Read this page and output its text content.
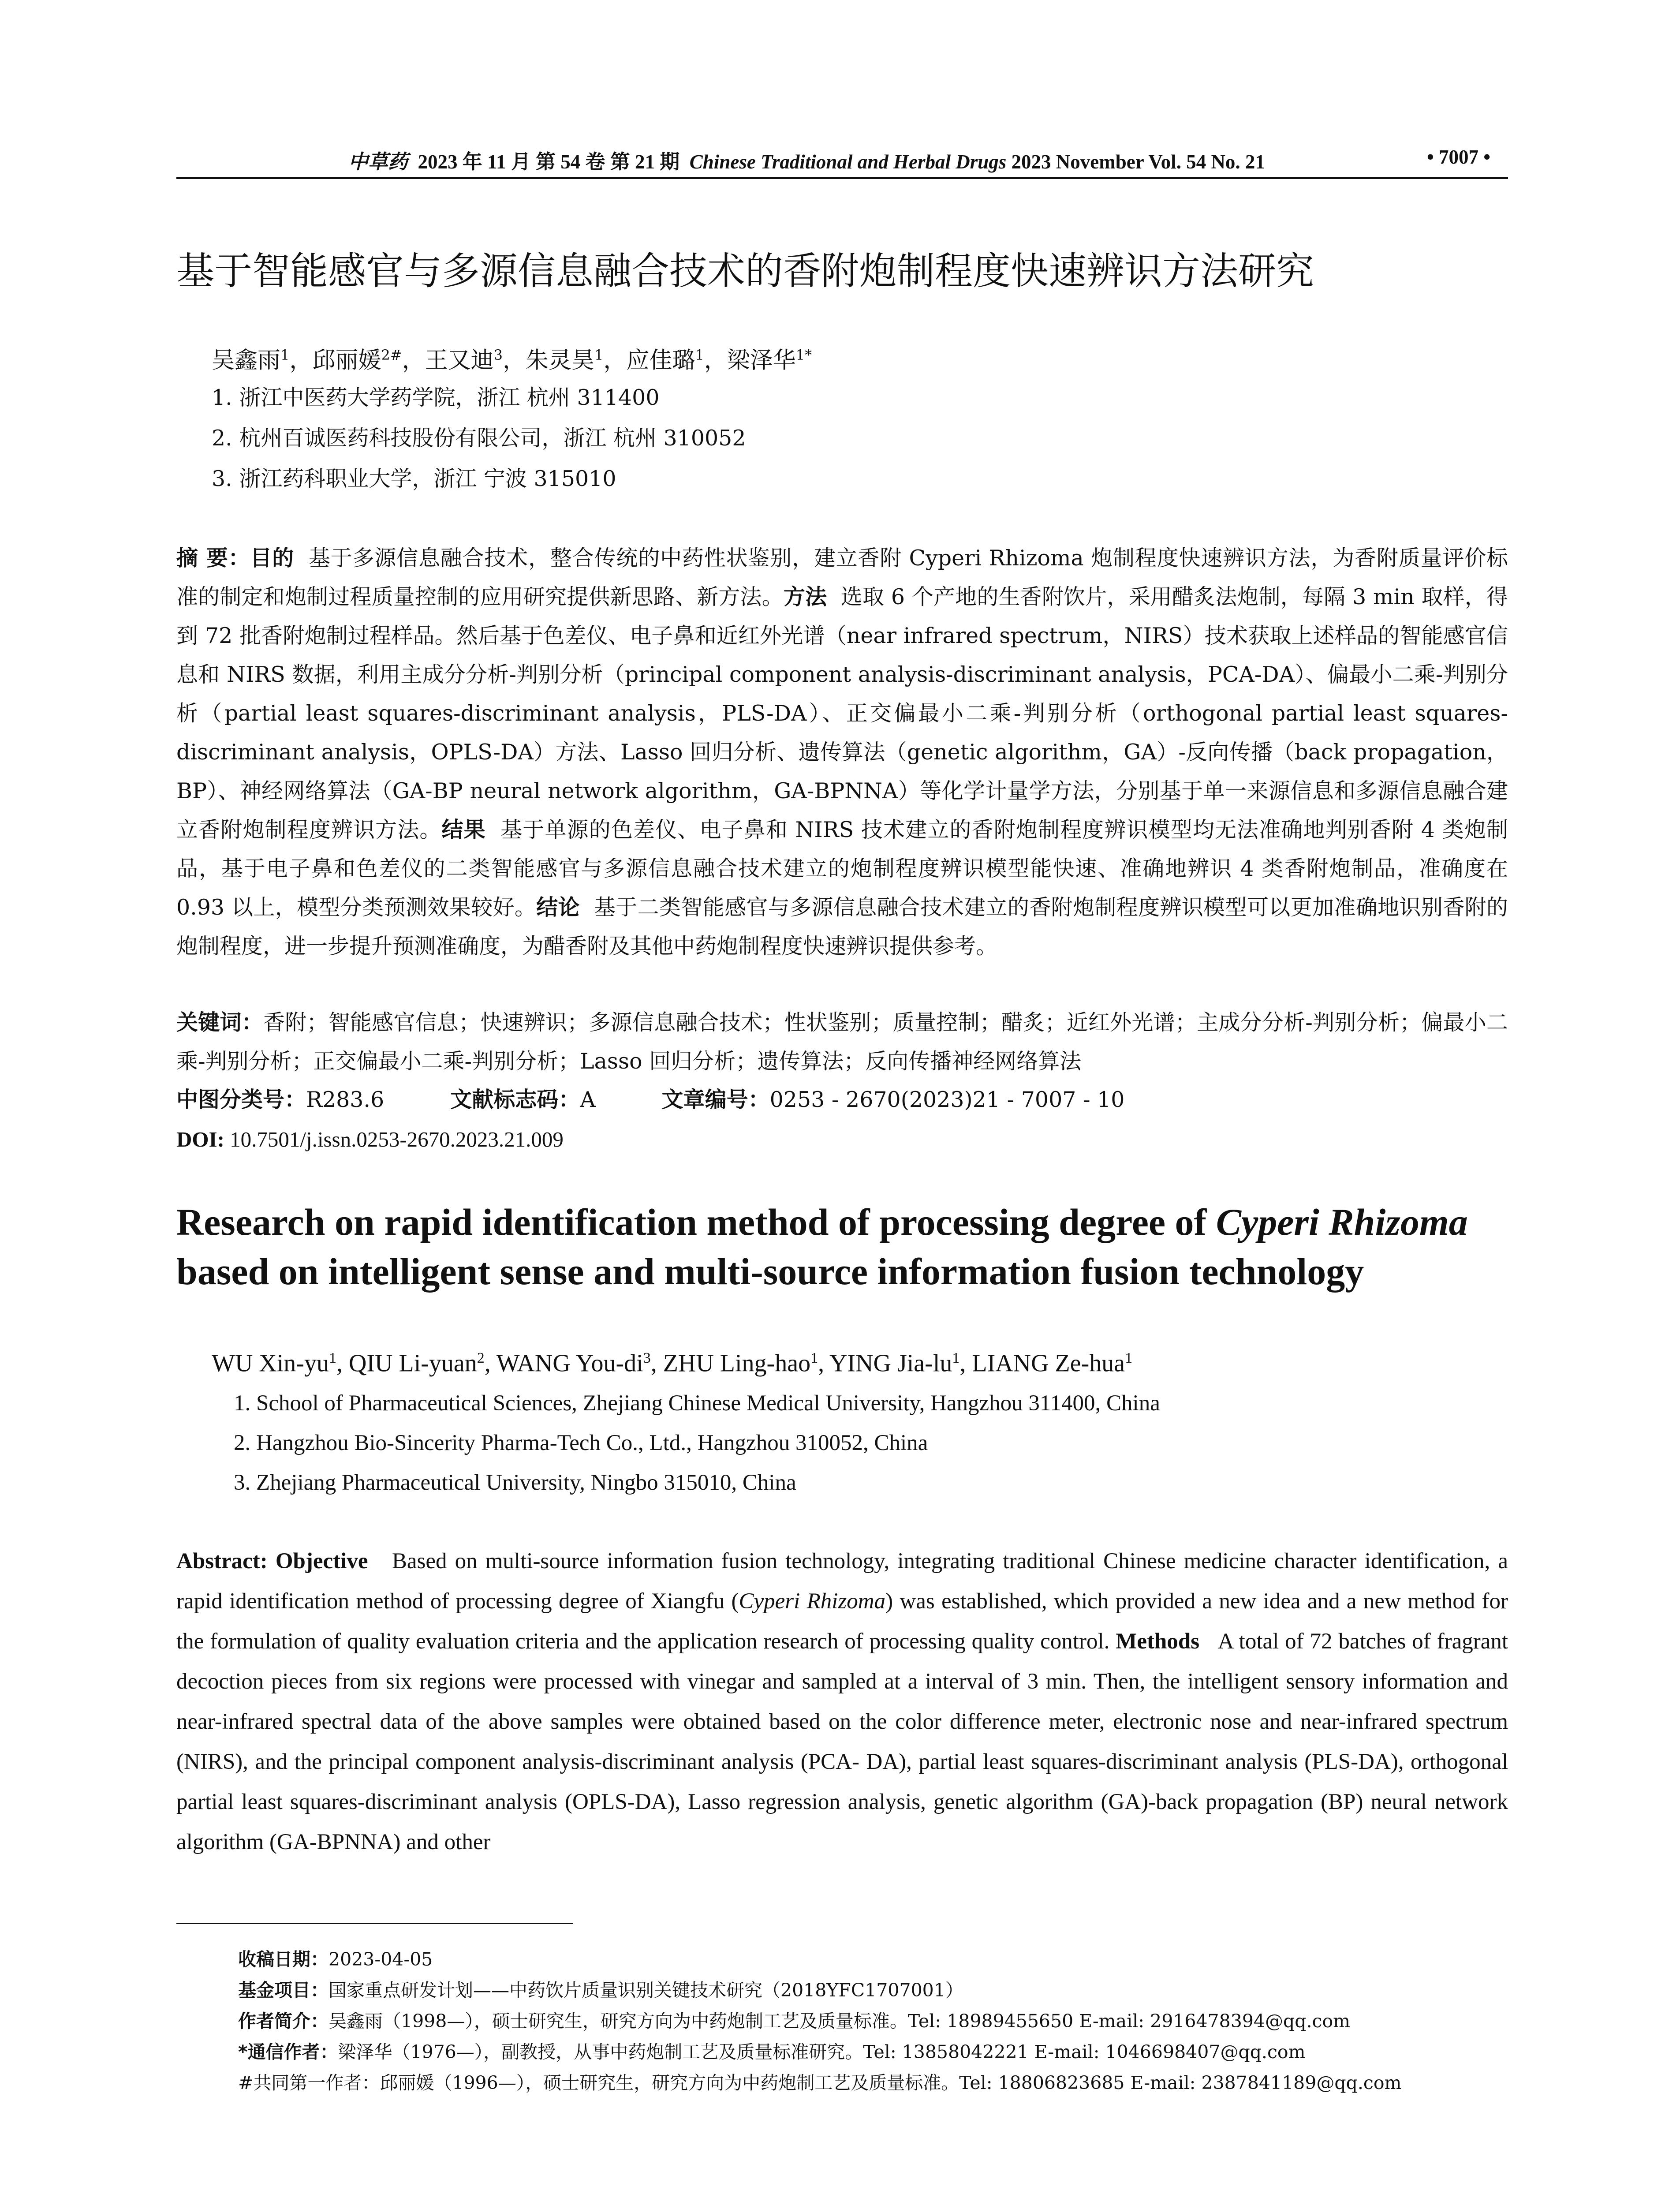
中草药 2023 年 11 月 第 54 卷 第 21 期 Chinese Traditional and Herbal Drugs 2023 November Vol. 54 No. 21	• 7007 •
基于智能感官与多源信息融合技术的香附炮制程度快速辨识方法研究
吴鑫雨$^1$，邱丽媛$^{2\#}$，王又迪$^3$，朱灵昊$^1$，应佳璐$^1$，梁泽华$^{1*}$
1. 浙江中医药大学药学院，浙江 杭州 311400
2. 杭州百诚医药科技股份有限公司，浙江 杭州 310052
3. 浙江药科职业大学，浙江 宁波 315010
摘 要：目的 基于多源信息融合技术，整合传统的中药性状鉴别，建立香附 Cyperi Rhizoma 炮制程度快速辨识方法，为香附质量评价标准的制定和炮制过程质量控制的应用研究提供新思路、新方法。方法 选取 6 个产地的生香附饮片，采用醋炙法炮制，每隔 3 min 取样，得到 72 批香附炮制过程样品。然后基于色差仪、电子鼻和近红外光谱（near infrared spectrum，NIRS）技术获取上述样品的智能感官信息和 NIRS 数据，利用主成分分析-判别分析（principal component analysis-discriminant analysis，PCA-DA）、偏最小二乘-判别分析（partial least squares-discriminant analysis，PLS-DA）、正交偏最小二乘-判别分析（orthogonal partial least squares-discriminant analysis，OPLS-DA）方法、Lasso 回归分析、遗传算法（genetic algorithm，GA）-反向传播（back propagation，BP）、神经网络算法（GA-BP neural network algorithm，GA-BPNNA）等化学计量学方法，分别基于单一来源信息和多源信息融合建立香附炮制程度辨识方法。结果 基于单源的色差仪、电子鼻和 NIRS 技术建立的香附炮制程度辨识模型均无法准确地判别香附 4 类炮制品，基于电子鼻和色差仪的二类智能感官与多源信息融合技术建立的炮制程度辨识模型能快速、准确地辨识 4 类香附炮制品，准确度在 0.93 以上，模型分类预测效果较好。结论 基于二类智能感官与多源信息融合技术建立的香附炮制程度辨识模型可以更加准确地识别香附的炮制程度，进一步提升预测准确度，为醋香附及其他中药炮制程度快速辨识提供参考。
关键词：香附；智能感官信息；快速辨识；多源信息融合技术；性状鉴别；质量控制；醋炙；近红外光谱；主成分分析-判别分析；偏最小二乘-判别分析；正交偏最小二乘-判别分析；Lasso 回归分析；遗传算法；反向传播神经网络算法
中图分类号：R283.6	文献标志码：A	文章编号：0253 - 2670(2023)21 - 7007 - 10
DOI: 10.7501/j.issn.0253-2670.2023.21.009
Research on rapid identification method of processing degree of Cyperi Rhizoma based on intelligent sense and multi-source information fusion technology
WU Xin-$yu^1$, QIU Li-yuan$^2$, WANG You-$di^3$, ZHU Ling-hao$^1$, YING Jia-$lu^1$, LIANG Ze-hua$^1$
1. School of Pharmaceutical Sciences, Zhejiang Chinese Medical University, Hangzhou 311400, China
2. Hangzhou Bio-Sincerity Pharma-Tech Co., Ltd., Hangzhou 310052, China
3. Zhejiang Pharmaceutical University, Ningbo 315010, China
Abstract: Objective Based on multi-source information fusion technology, integrating traditional Chinese medicine character identification, a rapid identification method of processing degree of Xiangfu (Cyperi Rhizoma) was established, which provided a new idea and a new method for the formulation of quality evaluation criteria and the application research of processing quality control. Methods A total of 72 batches of fragrant decoction pieces from six regions were processed with vinegar and sampled at a interval of 3 min. Then, the intelligent sensory information and near-infrared spectral data of the above samples were obtained based on the color difference meter, electronic nose and near-infrared spectrum (NIRS), and the principal component analysis-discriminant analysis (PCA- DA), partial least squares-discriminant analysis (PLS-DA), orthogonal partial least squares-discriminant analysis (OPLS-DA), Lasso regression analysis, genetic algorithm (GA)-back propagation (BP) neural network algorithm (GA-BPNNA) and other
收稿日期：2023-04-05
基金项目：国家重点研发计划——中药饮片质量识别关键技术研究（2018YFC1707001）
作者简介：吴鑫雨（1998—），硕士研究生，研究方向为中药炮制工艺及质量标准。Tel: 18989455650 E-mail: 2916478394@qq.com
*通信作者：梁泽华（1976—），副教授，从事中药炮制工艺及质量标准研究。Tel: 13858042221 E-mail: 1046698407@qq.com
#共同第一作者：邱丽媛（1996—），硕士研究生，研究方向为中药炮制工艺及质量标准。Tel: 18806823685 E-mail: 2387841189@qq.com
